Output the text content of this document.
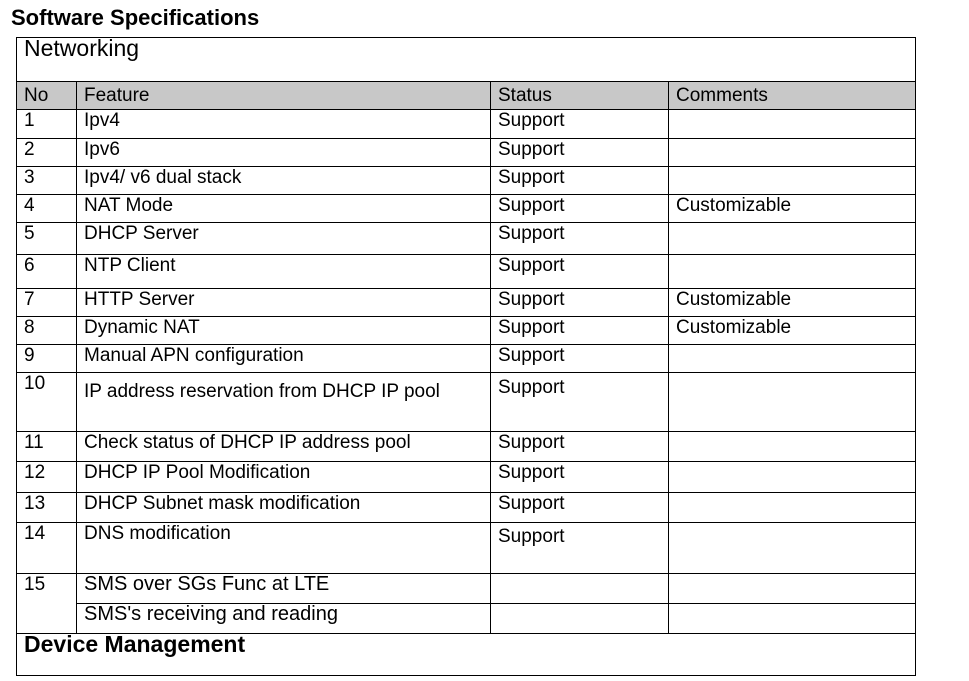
Software Specifications
Networking			
No	Feature	Status	Comments
1	Ipv4	Support	
2	Ipv6	Support	
3	Ipv4/ v6 dual stack	Support	
4	NAT Mode	Support	Customizable
5	DHCP Server	Support	
6	NTP Client	Support	
7	HTTP Server	Support	Customizable
8	Dynamic NAT	Support	Customizable
9	Manual APN configuration	Support	
10	IP address reservation from DHCP IP pool	Support	
11	Check status of DHCP IP address pool	Support	
12	DHCP IP Pool Modification	Support	
13	DHCP Subnet mask modification	Support	
14	DNS modification	Support	
15	SMS over SGs Func at LTE		
	SMS's receiving and reading		
Device Management			
